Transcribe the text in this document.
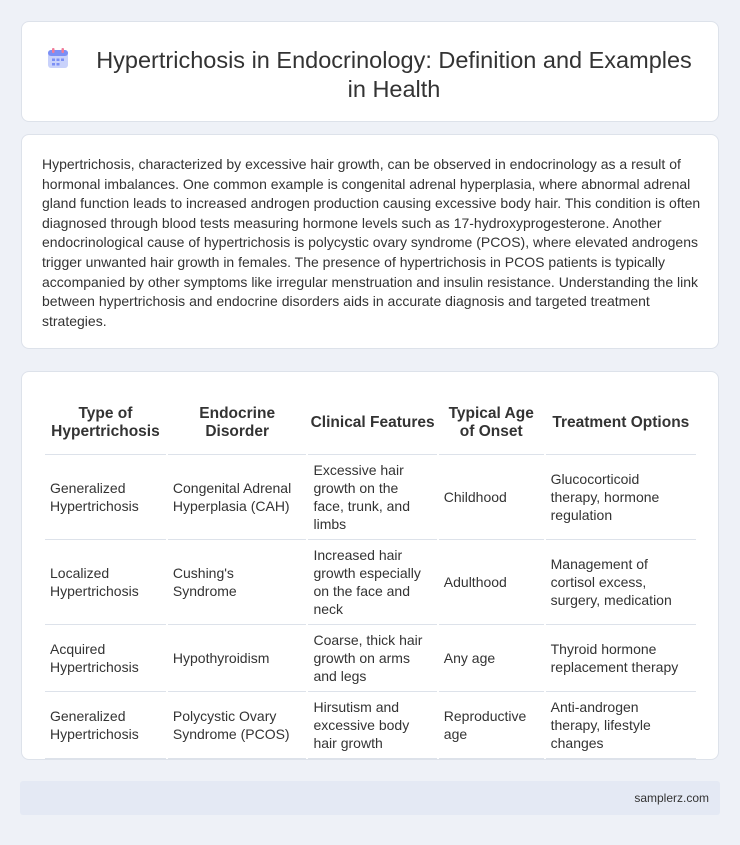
Hypertrichosis in Endocrinology: Definition and Examples in Health

Hypertrichosis, characterized by excessive hair growth, can be observed in endocrinology as a result of hormonal imbalances. One common example is congenital adrenal hyperplasia, where abnormal adrenal gland function leads to increased androgen production causing excessive body hair. This condition is often diagnosed through blood tests measuring hormone levels such as 17-hydroxyprogesterone. Another endocrinological cause of hypertrichosis is polycystic ovary syndrome (PCOS), where elevated androgens trigger unwanted hair growth in females. The presence of hypertrichosis in PCOS patients is typically accompanied by other symptoms like irregular menstruation and insulin resistance. Understanding the link between hypertrichosis and endocrine disorders aids in accurate diagnosis and targeted treatment strategies.

Type of Hypertrichosis	Endocrine Disorder	Clinical Features	Typical Age of Onset	Treatment Options
Generalized Hypertrichosis	Congenital Adrenal Hyperplasia (CAH)	Excessive hair growth on the face, trunk, and limbs	Childhood	Glucocorticoid therapy, hormone regulation
Localized Hypertrichosis	Cushing's Syndrome	Increased hair growth especially on the face and neck	Adulthood	Management of cortisol excess, surgery, medication
Acquired Hypertrichosis	Hypothyroidism	Coarse, thick hair growth on arms and legs	Any age	Thyroid hormone replacement therapy
Generalized Hypertrichosis	Polycystic Ovary Syndrome (PCOS)	Hirsutism and excessive body hair growth	Reproductive age	Anti-androgen therapy, lifestyle changes
samplerz.com
